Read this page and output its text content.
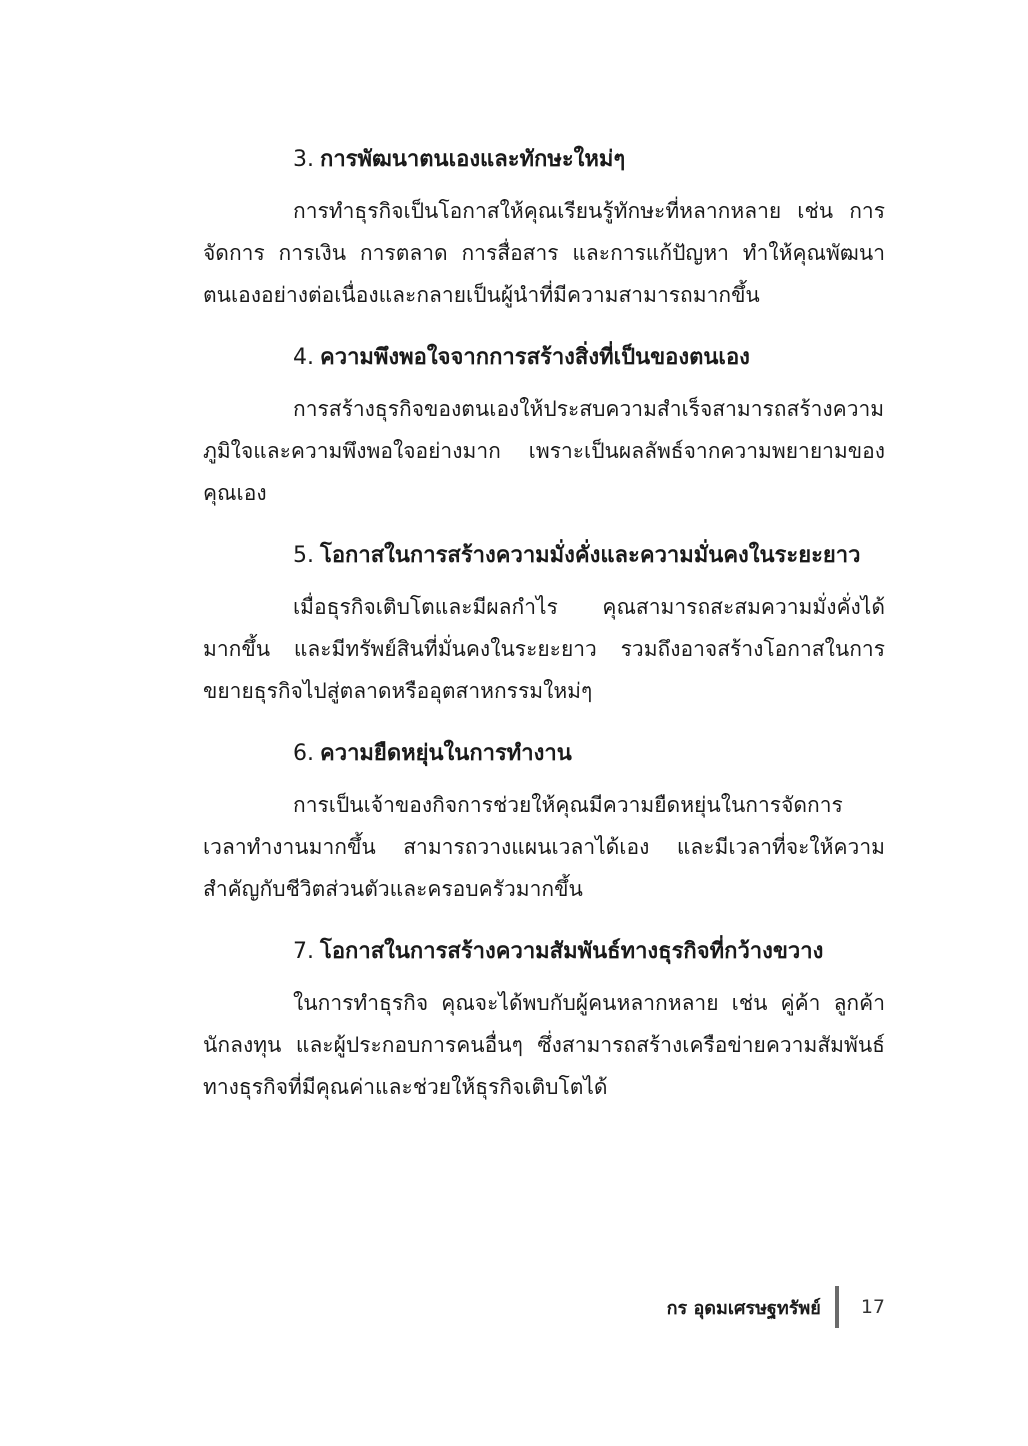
3. การพัฒนาตนเองและทักษะใหม่ๆ

การทำธุรกิจเป็นโอกาสให้คุณเรียนรู้ทักษะที่หลากหลาย เช่น การจัดการ การเงิน การตลาด การสื่อสาร และการแก้ปัญหา ทำให้คุณพัฒนาตนเองอย่างต่อเนื่องและกลายเป็นผู้นำที่มีความสามารถมากขึ้น

4. ความพึงพอใจจากการสร้างสิ่งที่เป็นของตนเอง

การสร้างธุรกิจของตนเองให้ประสบความสำเร็จสามารถสร้างความภูมิใจและความพึงพอใจอย่างมาก เพราะเป็นผลลัพธ์จากความพยายามของคุณเอง

5. โอกาสในการสร้างความมั่งคั่งและความมั่นคงในระยะยาว

เมื่อธุรกิจเติบโตและมีผลกำไร คุณสามารถสะสมความมั่งคั่งได้มากขึ้น และมีทรัพย์สินที่มั่นคงในระยะยาว รวมถึงอาจสร้างโอกาสในการขยายธุรกิจไปสู่ตลาดหรืออุตสาหกรรมใหม่ๆ

6. ความยืดหยุ่นในการทำงาน

การเป็นเจ้าของกิจการช่วยให้คุณมีความยืดหยุ่นในการจัดการเวลาทำงานมากขึ้น สามารถวางแผนเวลาได้เอง และมีเวลาที่จะให้ความสำคัญกับชีวิตส่วนตัวและครอบครัวมากขึ้น

7. โอกาสในการสร้างความสัมพันธ์ทางธุรกิจที่กว้างขวาง

ในการทำธุรกิจ คุณจะได้พบกับผู้คนหลากหลาย เช่น คู่ค้า ลูกค้า นักลงทุน และผู้ประกอบการคนอื่นๆ ซึ่งสามารถสร้างเครือข่ายความสัมพันธ์ทางธุรกิจที่มีคุณค่าและช่วยให้ธุรกิจเติบโตได้

กร อุดมเศรษฐทรัพย์ 17
